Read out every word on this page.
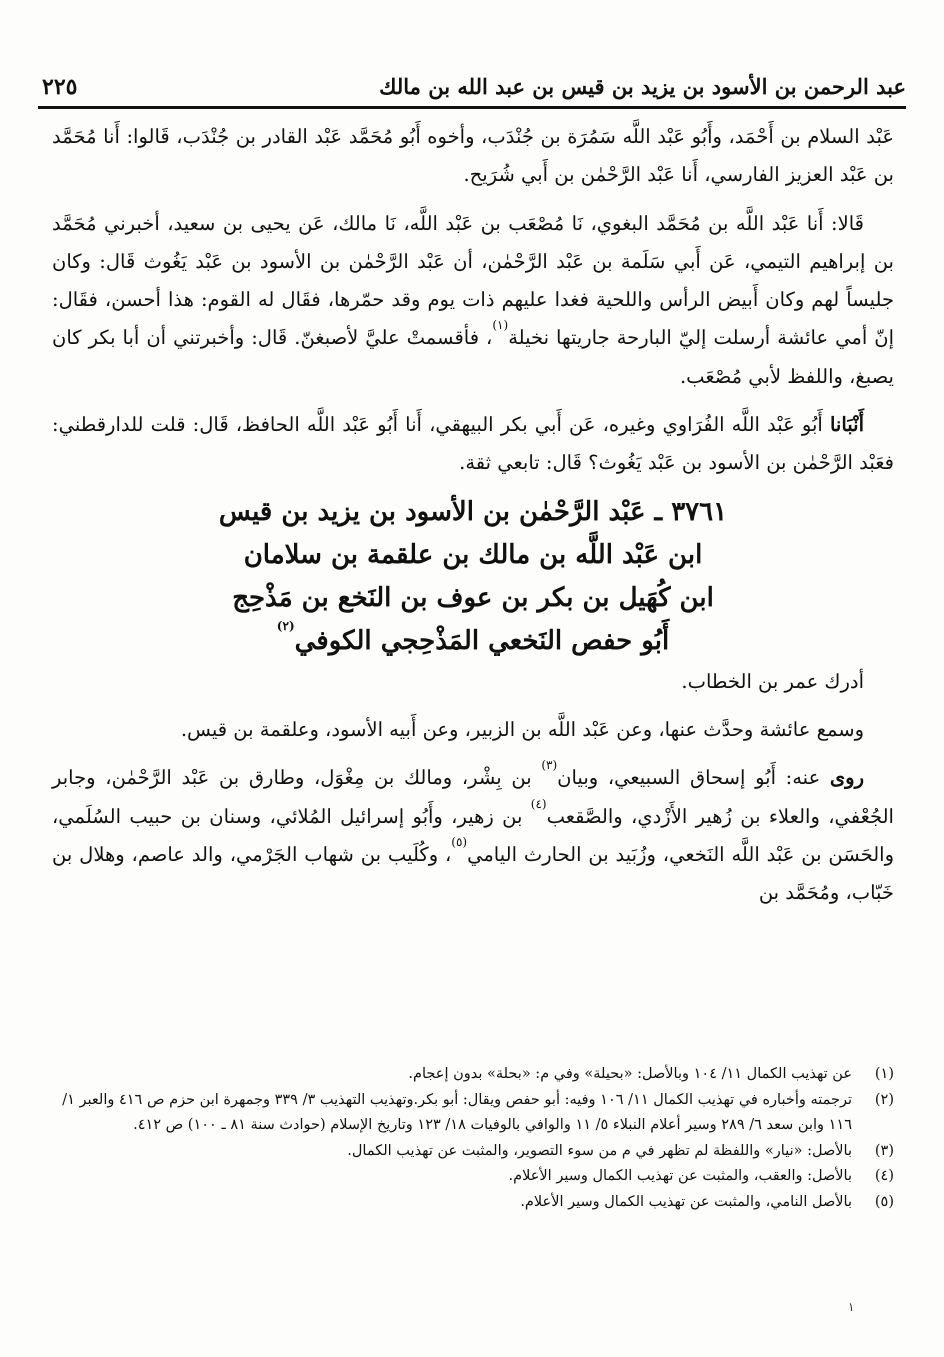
عبد الرحمن بن الأسود بن يزيد بن قيس بن عبد الله بن مالك
٢٢٥

عَبْد السلام بن أَحْمَد، وأَبُو عَبْد اللَّه سَمُرَة بن جُنْدَب، وأخوه أَبُو مُحَمَّد عَبْد القادر بن جُنْدَب، قَالوا: أَنا مُحَمَّد بن عَبْد العزيز الفارسي، أَنا عَبْد الرَّحْمٰن بن أَبي شُرَيح.

قَالا: أَنا عَبْد اللَّه بن مُحَمَّد البغوي، نَا مُصْعَب بن عَبْد اللَّه، نَا مالك، عَن يحيى بن سعيد، أخبرني مُحَمَّد بن إبراهيم التيمي، عَن أَبي سَلَمة بن عَبْد الرَّحْمٰن، أن عَبْد الرَّحْمٰن بن الأسود بن عَبْد يَغُوث قَال: وكان جليساً لهم وكان أَبيض الرأس واللحية فغدا عليهم ذات يوم وقد حمّرها، فقَال له القوم: هذا أحسن، فقَال: إنّ أمي عائشة أرسلت إليّ البارحة جاريتها نخيلة$^{(١)}$، فأقسمتْ عليَّ لأصبغنّ. قَال: وأخبرتني أن أبا بكر كان يصبغ، واللفظ لأبي مُصْعَب.

أَنْبَانا أَبُو عَبْد اللَّه الفُرَاوي وغيره، عَن أَبي بكر البيهقي، أَنا أَبُو عَبْد اللَّه الحافظ، قَال: قلت للدارقطني: فعَبْد الرَّحْمٰن بن الأسود بن عَبْد يَغُوث؟ قَال: تابعي ثقة.

٣٧٦١ ـ عَبْد الرَّحْمٰن بن الأسود بن يزيد بن قيس
ابن عَبْد اللَّه بن مالك بن علقمة بن سلامان
ابن كُهَيل بن بكر بن عوف بن النَخع بن مَذْحِج
أَبُو حفص النَخعي المَذْحِجي الكوفي$^{(٢)}$

أدرك عمر بن الخطاب.

وسمع عائشة وحدَّث عنها، وعن عَبْد اللَّه بن الزبير، وعن أَبيه الأسود، وعلقمة بن قيس.

روى عنه: أَبُو إسحاق السبيعي، وبيان$^{(٣)}$ بن بِشْر، ومالك بن مِغْوَل، وطارق بن عَبْد الرَّحْمٰن، وجابر الجُعْفي، والعلاء بن زُهير الأَزْدي، والصَّقعب$^{(٤)}$ بن زهير، وأَبُو إسرائيل المُلائي، وسنان بن حبيب السُلَمي، والحَسَن بن عَبْد اللَّه النَخعي، وزُبَيد بن الحارث اليامي$^{(٥)}$، وكُلَيب بن شهاب الجَرْمي، والد عاصم، وهلال بن خَبّاب، ومُحَمَّد بن

(١)
عن تهذيب الكمال ١١/ ١٠٤ وبالأصل: «بحيلة» وفي م: «بحلة» بدون إعجام.
(٢)
ترجمته وأخباره في تهذيب الكمال ١١/ ١٠٦ وفيه: أبو حفص ويقال: أبو بكر.وتهذيب التهذيب ٣/ ٣٣٩ وجمهرة ابن حزم ص ٤١٦ والعبر ١/ ١١٦ وابن سعد ٦/ ٢٨٩ وسير أعلام النبلاء ٥/ ١١ والوافي بالوفيات ١٨/ ١٢٣ وتاريخ الإسلام (حوادث سنة ٨١ ـ ١٠٠) ص ٤١٢.
(٣)
بالأصل: «نيار» واللفظة لم تظهر في م من سوء التصوير، والمثبت عن تهذيب الكمال.
(٤)
بالأصل: والعقب، والمثبت عن تهذيب الكمال وسير الأعلام.
(٥)
بالأصل النامي، والمثبت عن تهذيب الكمال وسير الأعلام.
١
